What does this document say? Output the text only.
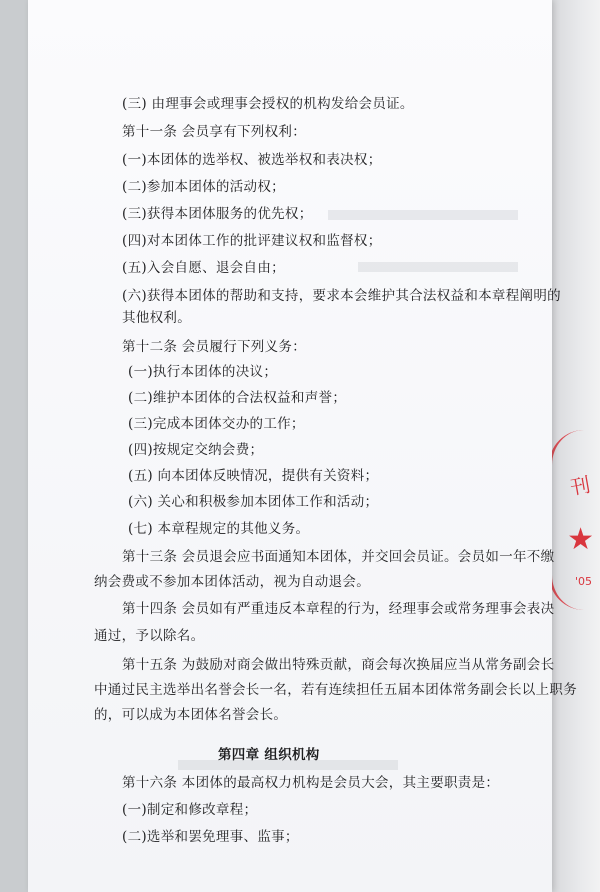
刊
★
'05
(三) 由理事会或理事会授权的机构发给会员证。
第十一条 会员享有下列权利：
(一)本团体的选举权、被选举权和表决权；
(二)参加本团体的活动权；
(三)获得本团体服务的优先权；
(四)对本团体工作的批评建议权和监督权；
(五)入会自愿、退会自由；
(六)获得本团体的帮助和支持，要求本会维护其合法权益和本章程阐明的
其他权利。
第十二条 会员履行下列义务：
(一)执行本团体的决议；
(二)维护本团体的合法权益和声誉；
(三)完成本团体交办的工作；
(四)按规定交纳会费；
(五) 向本团体反映情况，提供有关资料；
(六) 关心和积极参加本团体工作和活动；
(七) 本章程规定的其他义务。
第十三条 会员退会应书面通知本团体，并交回会员证。会员如一年不缴
纳会费或不参加本团体活动，视为自动退会。
第十四条 会员如有严重违反本章程的行为，经理事会或常务理事会表决
通过，予以除名。
第十五条 为鼓励对商会做出特殊贡献，商会每次换届应当从常务副会长
中通过民主选举出名誉会长一名，若有连续担任五届本团体常务副会长以上职务
的，可以成为本团体名誉会长。
第四章 组织机构
第十六条 本团体的最高权力机构是会员大会，其主要职责是：
(一)制定和修改章程；
(二)选举和罢免理事、监事；
